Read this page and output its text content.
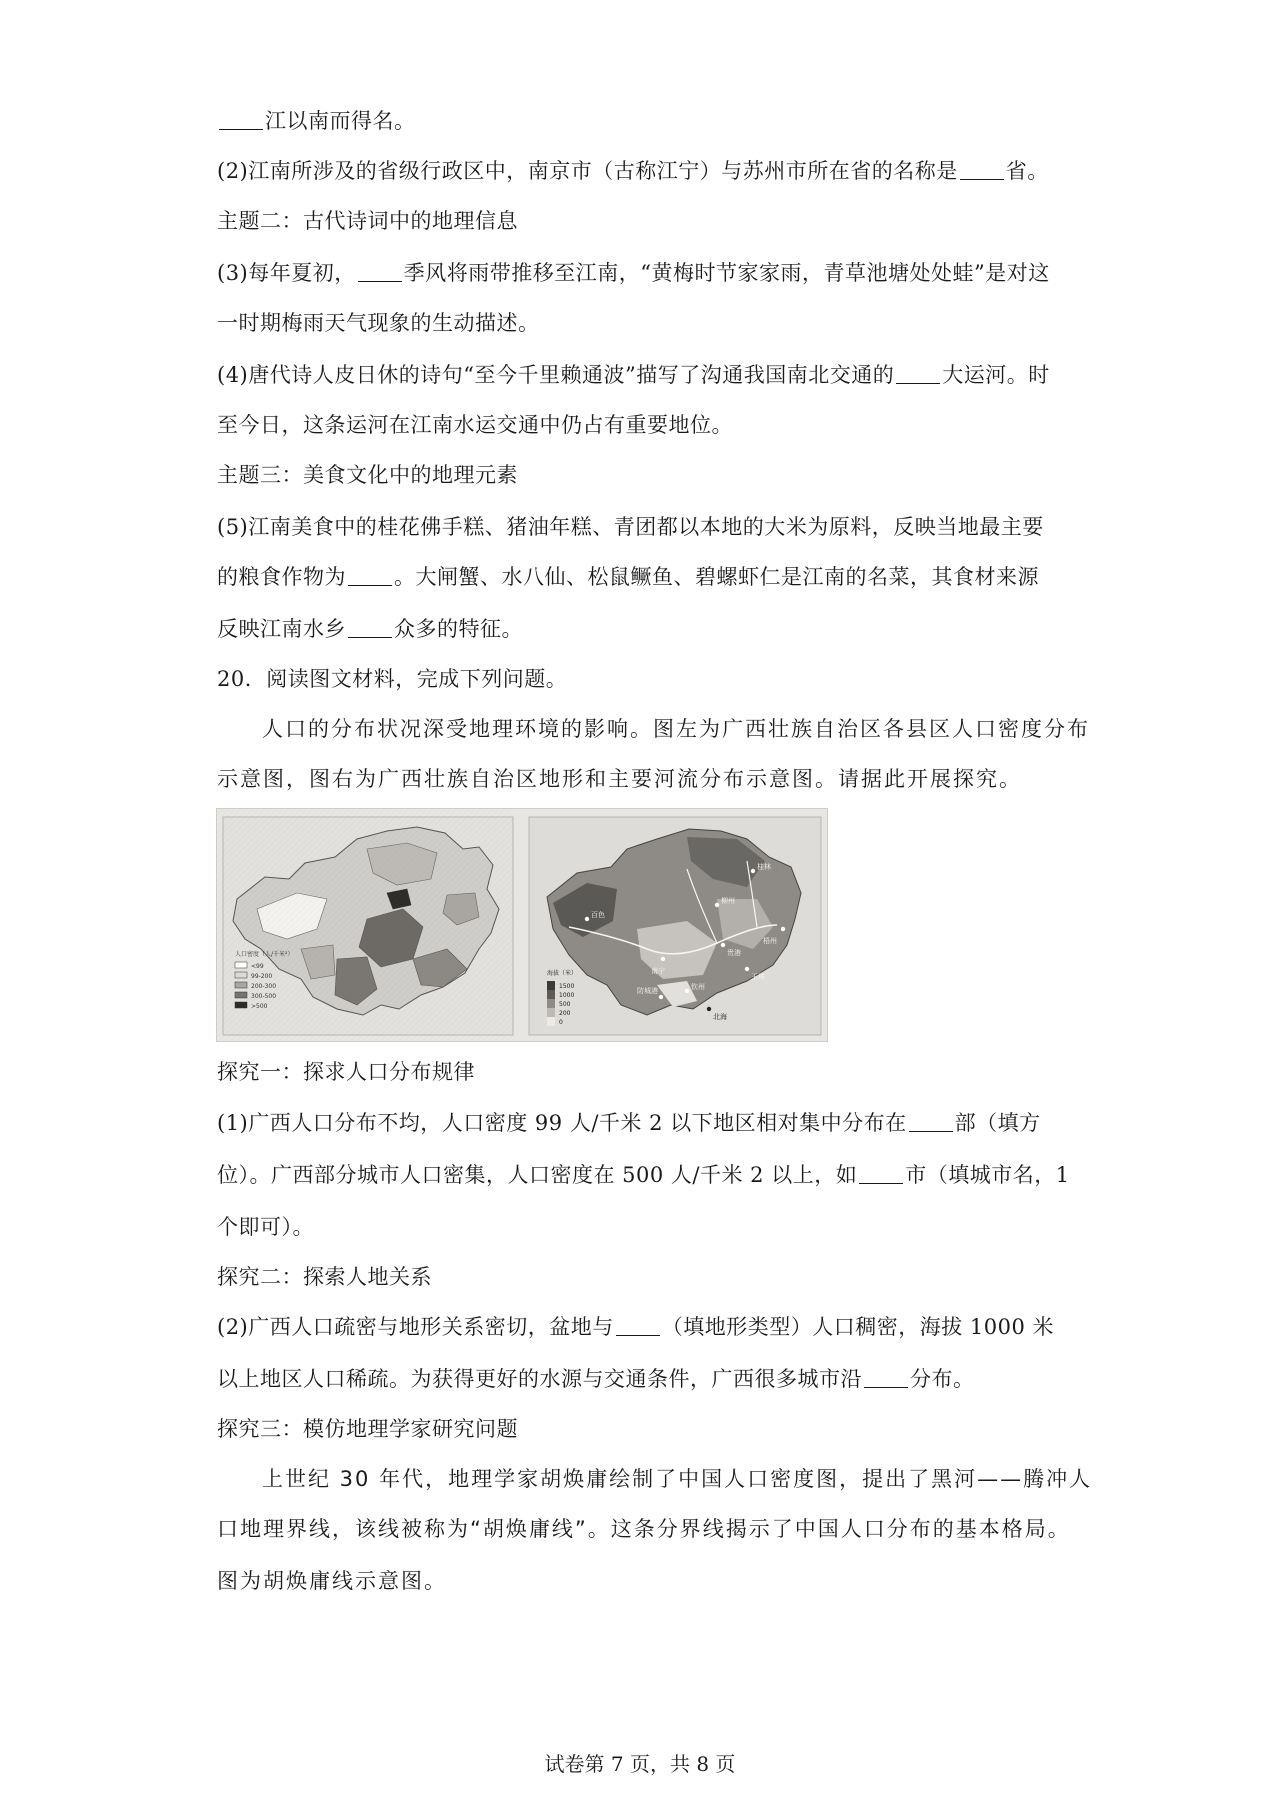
江以南而得名。
(2)江南所涉及的省级行政区中，南京市（古称江宁）与苏州市所在省的名称是 省。
主题二：古代诗词中的地理信息
(3)每年夏初， 季风将雨带推移至江南，“黄梅时节家家雨，青草池塘处处蛙”是对这
一时期梅雨天气现象的生动描述。
(4)唐代诗人皮日休的诗句“至今千里赖通波”描写了沟通我国南北交通的 大运河。时
至今日，这条运河在江南水运交通中仍占有重要地位。
主题三：美食文化中的地理元素
(5)江南美食中的桂花佛手糕、猪油年糕、青团都以本地的大米为原料，反映当地最主要
的粮食作物为 。大闸蟹、水八仙、松鼠鳜鱼、碧螺虾仁是江南的名菜，其食材来源
反映江南水乡 众多的特征。
20．阅读图文材料，完成下列问题。
人口的分布状况深受地理环境的影响。图左为广西壮族自治区各县区人口密度分布
示意图，图右为广西壮族自治区地形和主要河流分布示意图。请据此开展探究。
人口密度（人/千米²）
<99
99-200
200-300
300-500
>500
百色
南宁
柳州
桂林
梧州
贵港
玉林
钦州
防城港
北海
海拔（米）
1500
1000
500
200
0
探究一：探求人口分布规律
(1)广西人口分布不均，人口密度 99 人/千米 2 以下地区相对集中分布在 部（填方
位）。广西部分城市人口密集，人口密度在 500 人/千米 2 以上，如 市（填城市名，1
个即可）。
探究二：探索人地关系
(2)广西人口疏密与地形关系密切，盆地与 （填地形类型）人口稠密，海拔 1000 米
以上地区人口稀疏。为获得更好的水源与交通条件，广西很多城市沿 分布。
探究三：模仿地理学家研究问题
上世纪 30 年代，地理学家胡焕庸绘制了中国人口密度图，提出了黑河——腾冲人
口地理界线，该线被称为“胡焕庸线”。这条分界线揭示了中国人口分布的基本格局。
图为胡焕庸线示意图。
试卷第 7 页，共 8 页
